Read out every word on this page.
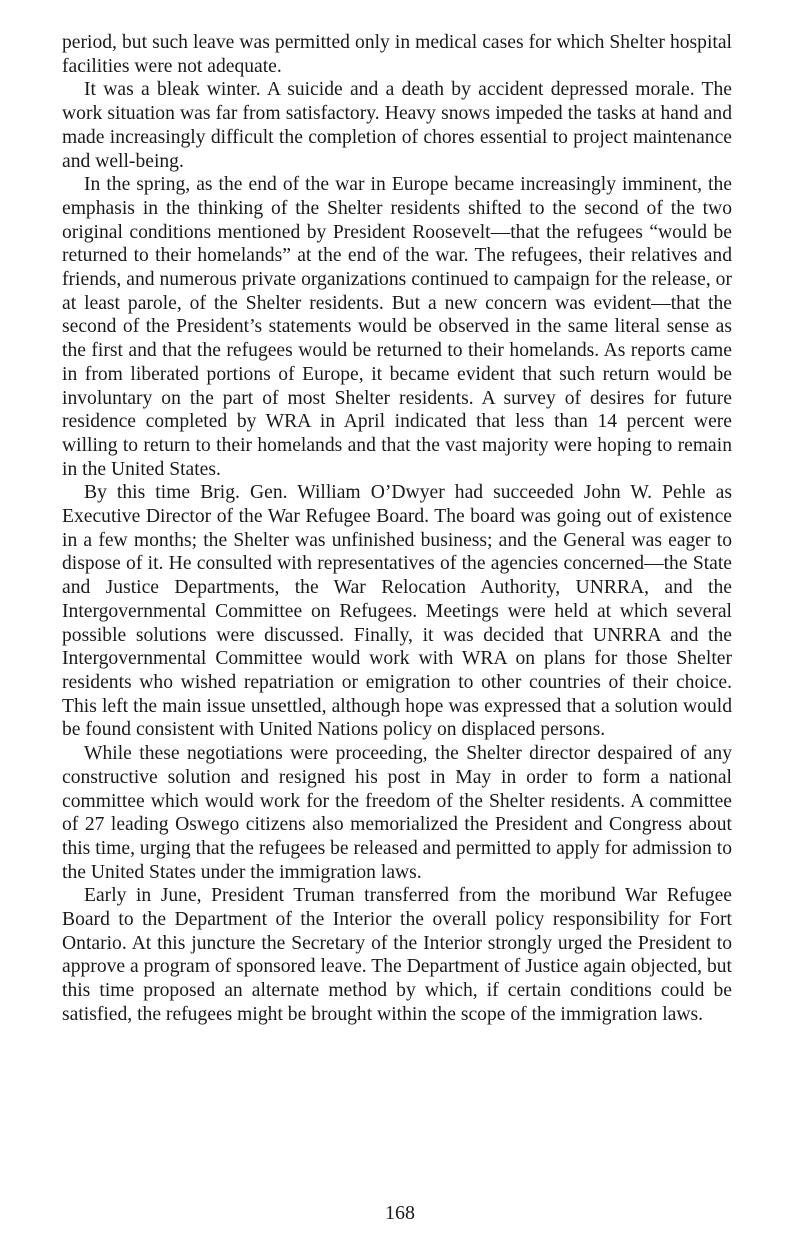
period, but such leave was permitted only in medical cases for which Shelter hospital facilities were not adequate.

It was a bleak winter. A suicide and a death by accident depressed morale. The work situation was far from satisfactory. Heavy snows impeded the tasks at hand and made increasingly difficult the completion of chores essential to project maintenance and well-being.

In the spring, as the end of the war in Europe became increasingly imminent, the emphasis in the thinking of the Shelter residents shifted to the second of the two original conditions mentioned by President Roosevelt—that the refugees “would be returned to their homelands” at the end of the war. The refugees, their relatives and friends, and numerous private organizations continued to campaign for the release, or at least parole, of the Shelter residents. But a new concern was evident—that the second of the President’s statements would be observed in the same literal sense as the first and that the refugees would be returned to their homelands. As reports came in from liberated portions of Europe, it became evident that such return would be involuntary on the part of most Shelter residents. A survey of desires for future residence completed by WRA in April indicated that less than 14 percent were willing to return to their homelands and that the vast majority were hoping to remain in the United States.

By this time Brig. Gen. William O’Dwyer had succeeded John W. Pehle as Executive Director of the War Refugee Board. The board was going out of existence in a few months; the Shelter was unfinished business; and the General was eager to dispose of it. He consulted with representatives of the agencies concerned—the State and Justice Departments, the War Relocation Authority, UNRRA, and the Intergovernmental Committee on Refugees. Meetings were held at which several possible solutions were discussed. Finally, it was decided that UNRRA and the Intergovernmental Committee would work with WRA on plans for those Shelter residents who wished repatriation or emigration to other countries of their choice. This left the main issue unsettled, although hope was expressed that a solution would be found consistent with United Nations policy on displaced persons.

While these negotiations were proceeding, the Shelter director despaired of any constructive solution and resigned his post in May in order to form a national committee which would work for the freedom of the Shelter residents. A committee of 27 leading Oswego citizens also memorialized the President and Congress about this time, urging that the refugees be released and permitted to apply for admission to the United States under the immigration laws.

Early in June, President Truman transferred from the moribund War Refugee Board to the Department of the Interior the overall policy responsibility for Fort Ontario. At this juncture the Secretary of the Interior strongly urged the President to approve a program of sponsored leave. The Department of Justice again objected, but this time proposed an alternate method by which, if certain conditions could be satisfied, the refugees might be brought within the scope of the immigration laws.

168
